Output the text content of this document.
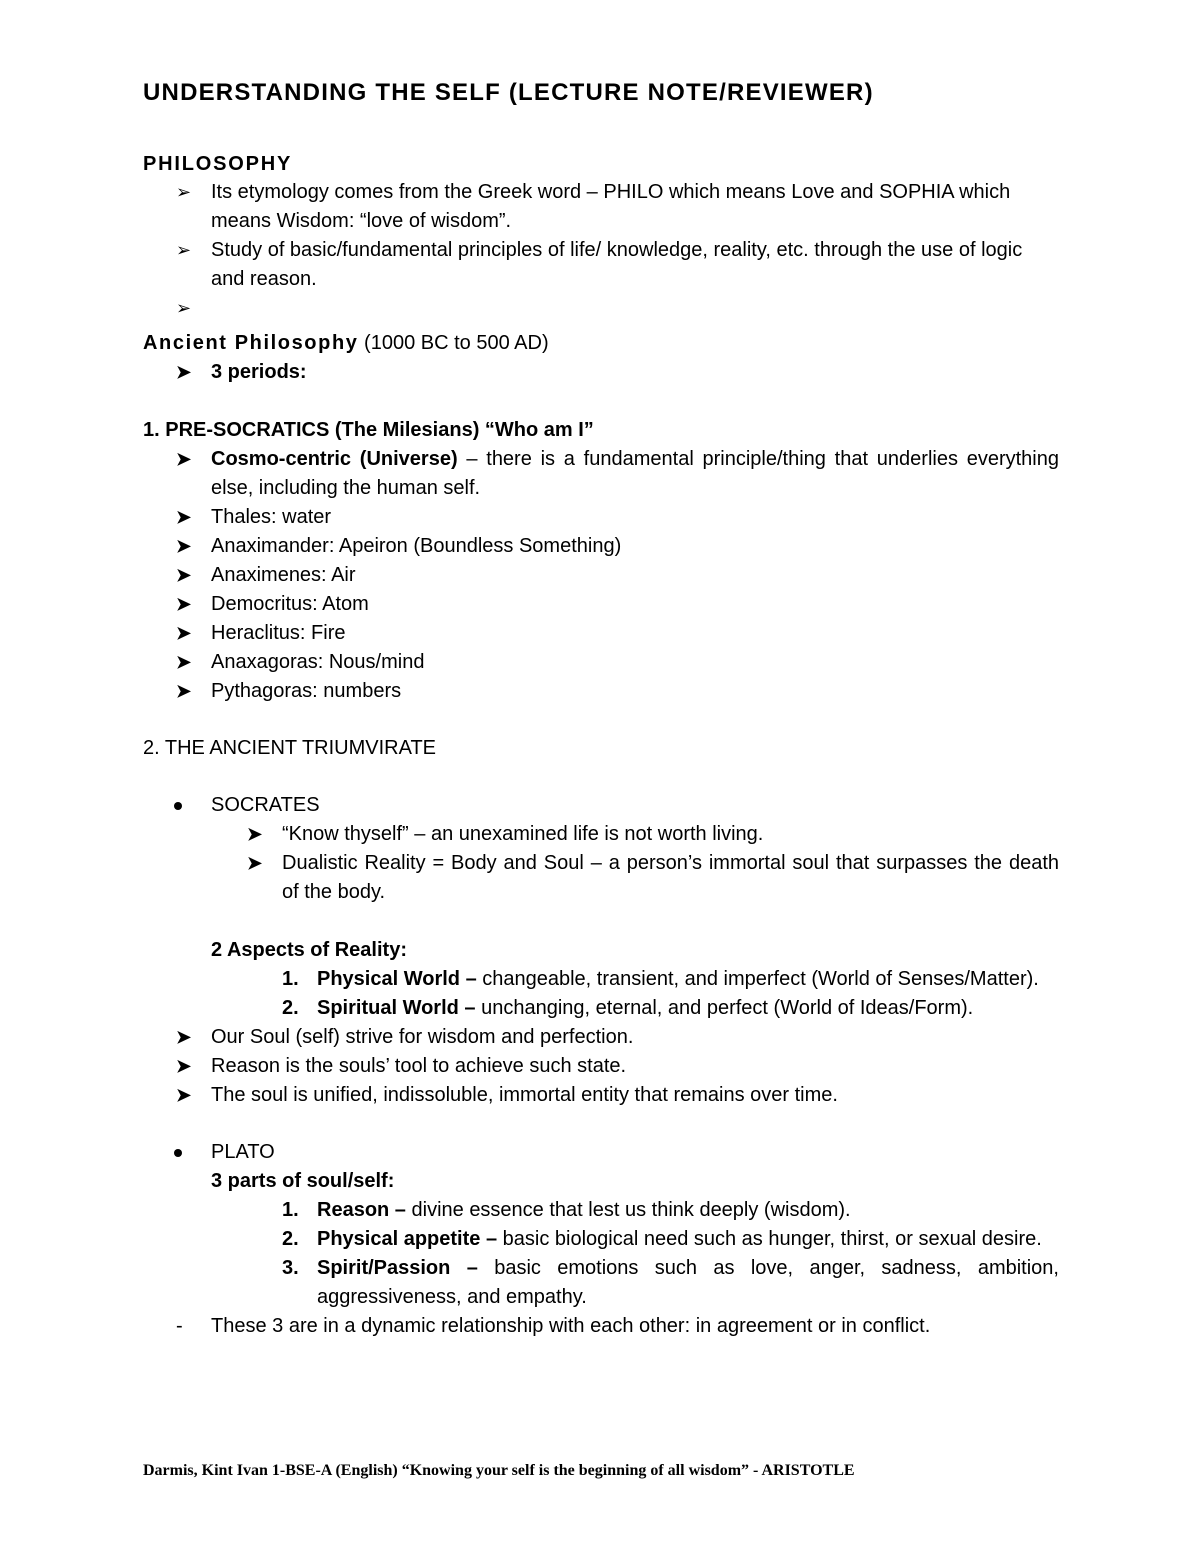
UNDERSTANDING THE SELF (LECTURE NOTE/REVIEWER)
PHILOSOPHY
➢ Its etymology comes from the Greek word – PHILO which means Love and SOPHIA which means Wisdom: “love of wisdom”.
➢ Study of basic/fundamental principles of life/ knowledge, reality, etc. through the use of logic and reason.
➢
Ancient Philosophy (1000 BC to 500 AD)
➤ 3 periods:
1. PRE-SOCRATICS (The Milesians) “Who am I”
➤ Cosmo-centric (Universe) – there is a fundamental principle/thing that underlies everything else, including the human self.
➤ Thales: water
➤ Anaximander: Apeiron (Boundless Something)
➤ Anaximenes: Air
➤ Democritus: Atom
➤ Heraclitus: Fire
➤ Anaxagoras: Nous/mind
➤ Pythagoras: numbers
2. THE ANCIENT TRIUMVIRATE
SOCRATES
➤ “Know thyself” – an unexamined life is not worth living.
➤ Dualistic Reality = Body and Soul – a person’s immortal soul that surpasses the death of the body.
2 Aspects of Reality:
1. Physical World – changeable, transient, and imperfect (World of Senses/Matter).
2. Spiritual World – unchanging, eternal, and perfect (World of Ideas/Form).
➤ Our Soul (self) strive for wisdom and perfection.
➤ Reason is the souls’ tool to achieve such state.
➤ The soul is unified, indissoluble, immortal entity that remains over time.
PLATO
3 parts of soul/self:
1. Reason – divine essence that lest us think deeply (wisdom).
2. Physical appetite – basic biological need such as hunger, thirst, or sexual desire.
3. Spirit/Passion – basic emotions such as love, anger, sadness, ambition, aggressiveness, and empathy.
- These 3 are in a dynamic relationship with each other: in agreement or in conflict.
Darmis, Kint Ivan 1-BSE-A (English) “Knowing your self is the beginning of all wisdom” - ARISTOTLE
